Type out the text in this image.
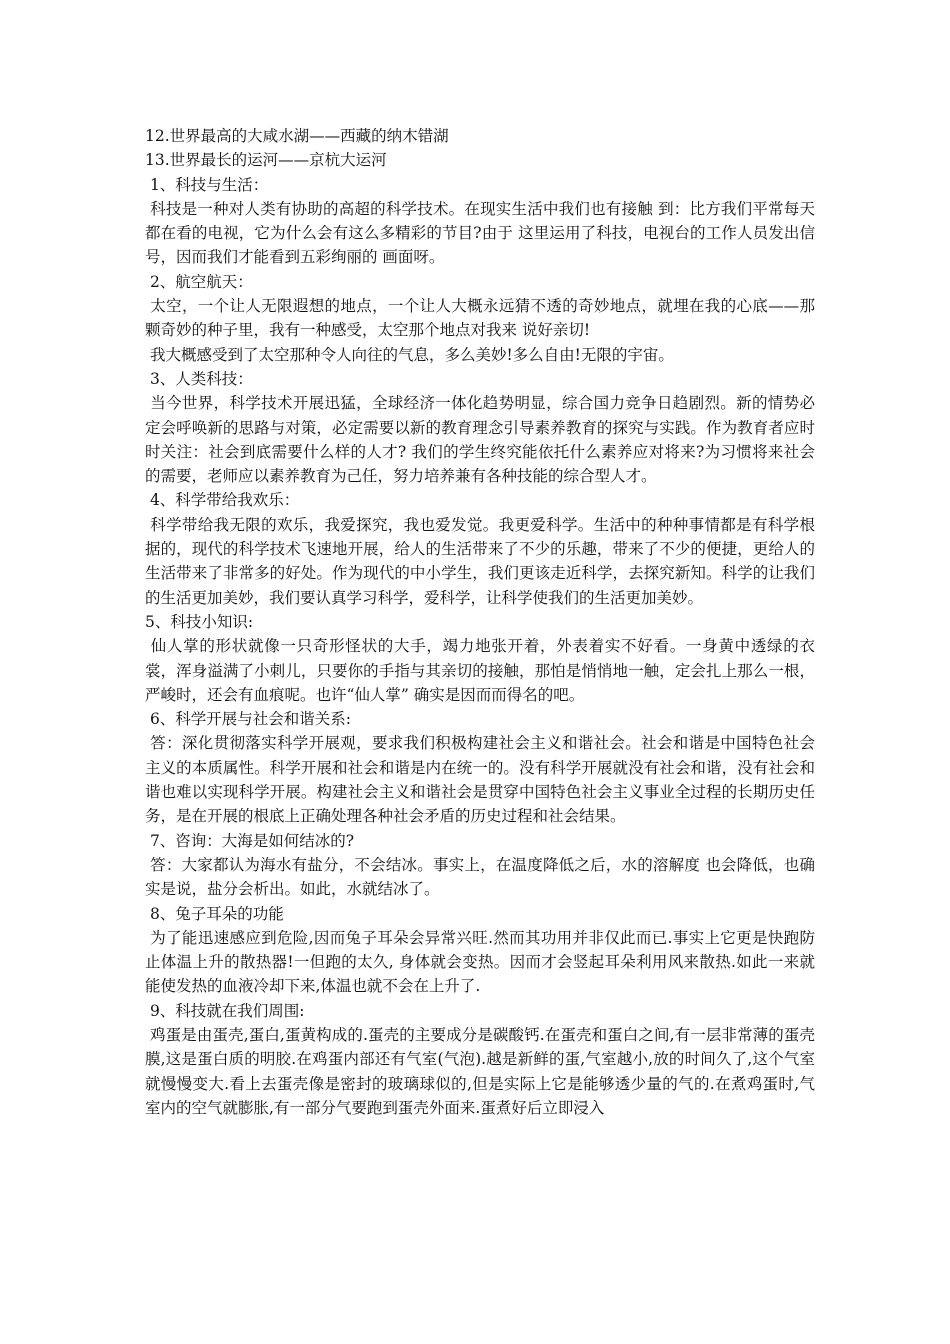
12.世界最高的大咸水湖——西藏的纳木错湖
13.世界最长的运河——京杭大运河
1、科技与生活：
科技是一种对人类有协助的高超的科学技术。在现实生活中我们也有接触 到：比方我们平常每天都在看的电视，它为什么会有这么多精彩的节目?由于 这里运用了科技，电视台的工作人员发出信号，因而我们才能看到五彩绚丽的 画面呀。
2、航空航天：
太空，一个让人无限遐想的地点，一个让人大概永远猜不透的奇妙地点，就埋在我的心底——那颗奇妙的种子里，我有一种感受，太空那个地点对我来 说好亲切!
我大概感受到了太空那种令人向往的气息，多么美妙!多么自由!无限的宇宙。
3、人类科技：
当今世界，科学技术开展迅猛，全球经济一体化趋势明显，综合国力竞争日趋剧烈。新的情势必定会呼唤新的思路与对策，必定需要以新的教育理念引导素养教育的探究与实践。作为教育者应时时关注：社会到底需要什么样的人才? 我们的学生终究能依托什么素养应对将来?为习惯将来社会的需要，老师应以素养教育为己任，努力培养兼有各种技能的综合型人才。
4、科学带给我欢乐：
科学带给我无限的欢乐，我爱探究，我也爱发觉。我更爱科学。生活中的种种事情都是有科学根据的，现代的科学技术飞速地开展，给人的生活带来了不少的乐趣，带来了不少的便捷，更给人的生活带来了非常多的好处。作为现代的中小学生，我们更该走近科学，去探究新知。科学的让我们的生活更加美妙，我们要认真学习科学，爱科学，让科学使我们的生活更加美妙。
5、科技小知识:
仙人掌的形状就像一只奇形怪状的大手，竭力地张开着，外表着实不好看。一身黄中透绿的衣裳，浑身溢满了小刺儿，只要你的手指与其亲切的接触，那怕是悄悄地一触，定会扎上那么一根，严峻时，还会有血痕呢。也许“仙人掌” 确实是因而而得名的吧。
6、科学开展与社会和谐关系:
答：深化贯彻落实科学开展观，要求我们积极构建社会主义和谐社会。社会和谐是中国特色社会主义的本质属性。科学开展和社会和谐是内在统一的。没有科学开展就没有社会和谐，没有社会和谐也难以实现科学开展。构建社会主义和谐社会是贯穿中国特色社会主义事业全过程的长期历史任务，是在开展的根底上正确处理各种社会矛盾的历史过程和社会结果。
7、咨询：大海是如何结冰的?
答：大家都认为海水有盐分，不会结冰。事实上，在温度降低之后，水的溶解度 也会降低，也确实是说，盐分会析出。如此，水就结冰了。
8、兔子耳朵的功能
为了能迅速感应到危险,因而兔子耳朵会异常兴旺.然而其功用并非仅此而已.事实上它更是快跑防止体温上升的散热器!一但跑的太久, 身体就会变热。因而才会竖起耳朵利用风来散热.如此一来就能使发热的血液冷却下来,体温也就不会在上升了.
9、科技就在我们周围:
鸡蛋是由蛋壳,蛋白,蛋黄构成的.蛋壳的主要成分是碳酸钙.在蛋壳和蛋白之间,有一层非常薄的蛋壳膜,这是蛋白质的明胶.在鸡蛋内部还有气室(气泡).越是新鲜的蛋,气室越小,放的时间久了,这个气室就慢慢变大.看上去蛋壳像是密封的玻璃球似的,但是实际上它是能够透少量的气的.在煮鸡蛋时,气室内的空气就膨胀,有一部分气要跑到蛋壳外面来.蛋煮好后立即浸入
